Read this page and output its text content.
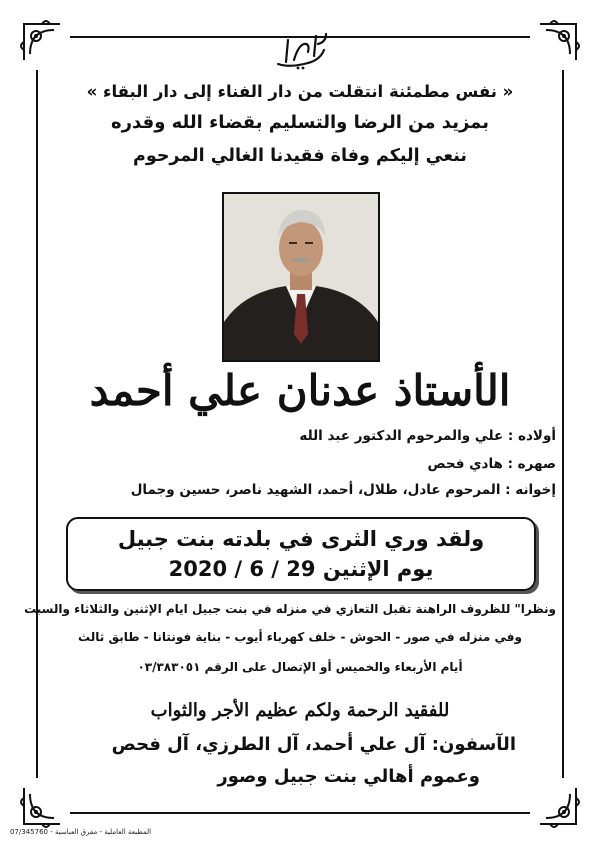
« نفس مطمئنة انتقلت من دار الفناء إلى دار البقاء »
بمزيد من الرضا والتسليم بقضاء الله وقدره
ننعي إليكم وفاة فقيدنا الغالي المرحوم
الأستاذ عدنان علي أحمد
أولاده : علي والمرحوم الدكتور عبد الله
صهره : هادي فحص
إخوانه : المرحوم عادل، طلال، أحمد، الشهيد ناصر، حسين وجمال
ولقد وري الثرى في بلدته بنت جبيل
يوم الإثنين 29 / 6 / 2020
ونظرا" للظروف الراهنة تقبل التعازي في منزله في بنت جبيل ايام الإثنين والثلاثاء والسبت
وفي منزله في صور - الحوش - خلف كهرباء أيوب - بناية فونتانا - طابق ثالث
أيام الأربعاء والخميس أو الإتصال على الرقم ٠٣/٣٨٣٠٥١
للفقيد الرحمة ولكم عظيم الأجر والثواب
الآسفون: آل علي أحمد، آل الطرزي، آل فحص
وعموم أهالي بنت جبيل وصور
المطبعة العاملية - مفرق العباسية - 07/345760
